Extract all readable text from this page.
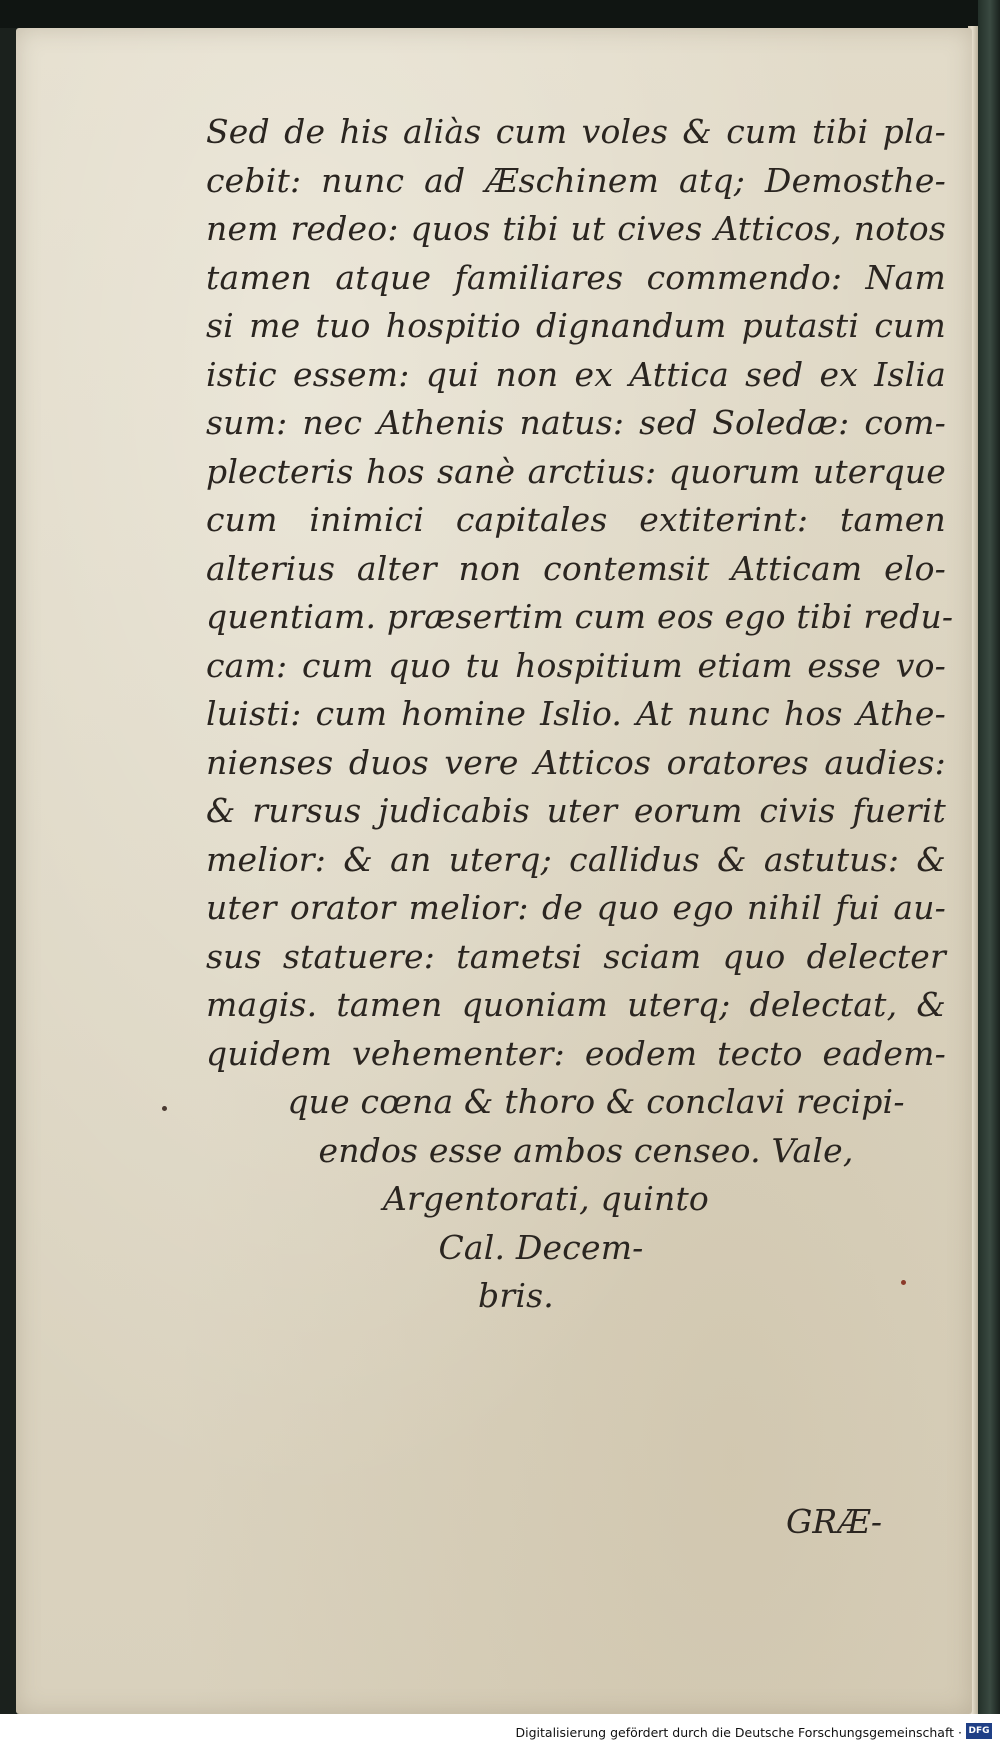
Sed de his aliàs cum voles & cum tibi pla-
cebit: nunc ad Æschinem atq; Demosthe-
nem redeo: quos tibi ut cives Atticos, notos
tamen atque familiares commendo: Nam
si me tuo hospitio dignandum putasti cum
istic essem: qui non ex Attica sed ex Islia
sum: nec Athenis natus: sed Soledæ: com-
plecteris hos sanè arctius: quorum uterque
cum inimici capitales extiterint: tamen
alterius alter non contemsit Atticam elo-
quentiam. præsertim cum eos ego tibi redu-
cam: cum quo tu hospitium etiam esse vo-
luisti: cum homine Islio. At nunc hos Athe-
nienses duos vere Atticos oratores audies:
& rursus judicabis uter eorum civis fuerit
melior: & an uterq; callidus & astutus: &
uter orator melior: de quo ego nihil fui au-
sus statuere: tametsi sciam quo delecter
magis. tamen quoniam uterq; delectat, &
quidem vehementer: eodem tecto eadem-
que cœna & thoro & conclavi recipi-
endos esse ambos censeo. Vale,
Argentorati, quinto
Cal. Decem-
bris.
GRÆ-
Digitalisierung gefördert durch die Deutsche Forschungsgemeinschaft · DFG
